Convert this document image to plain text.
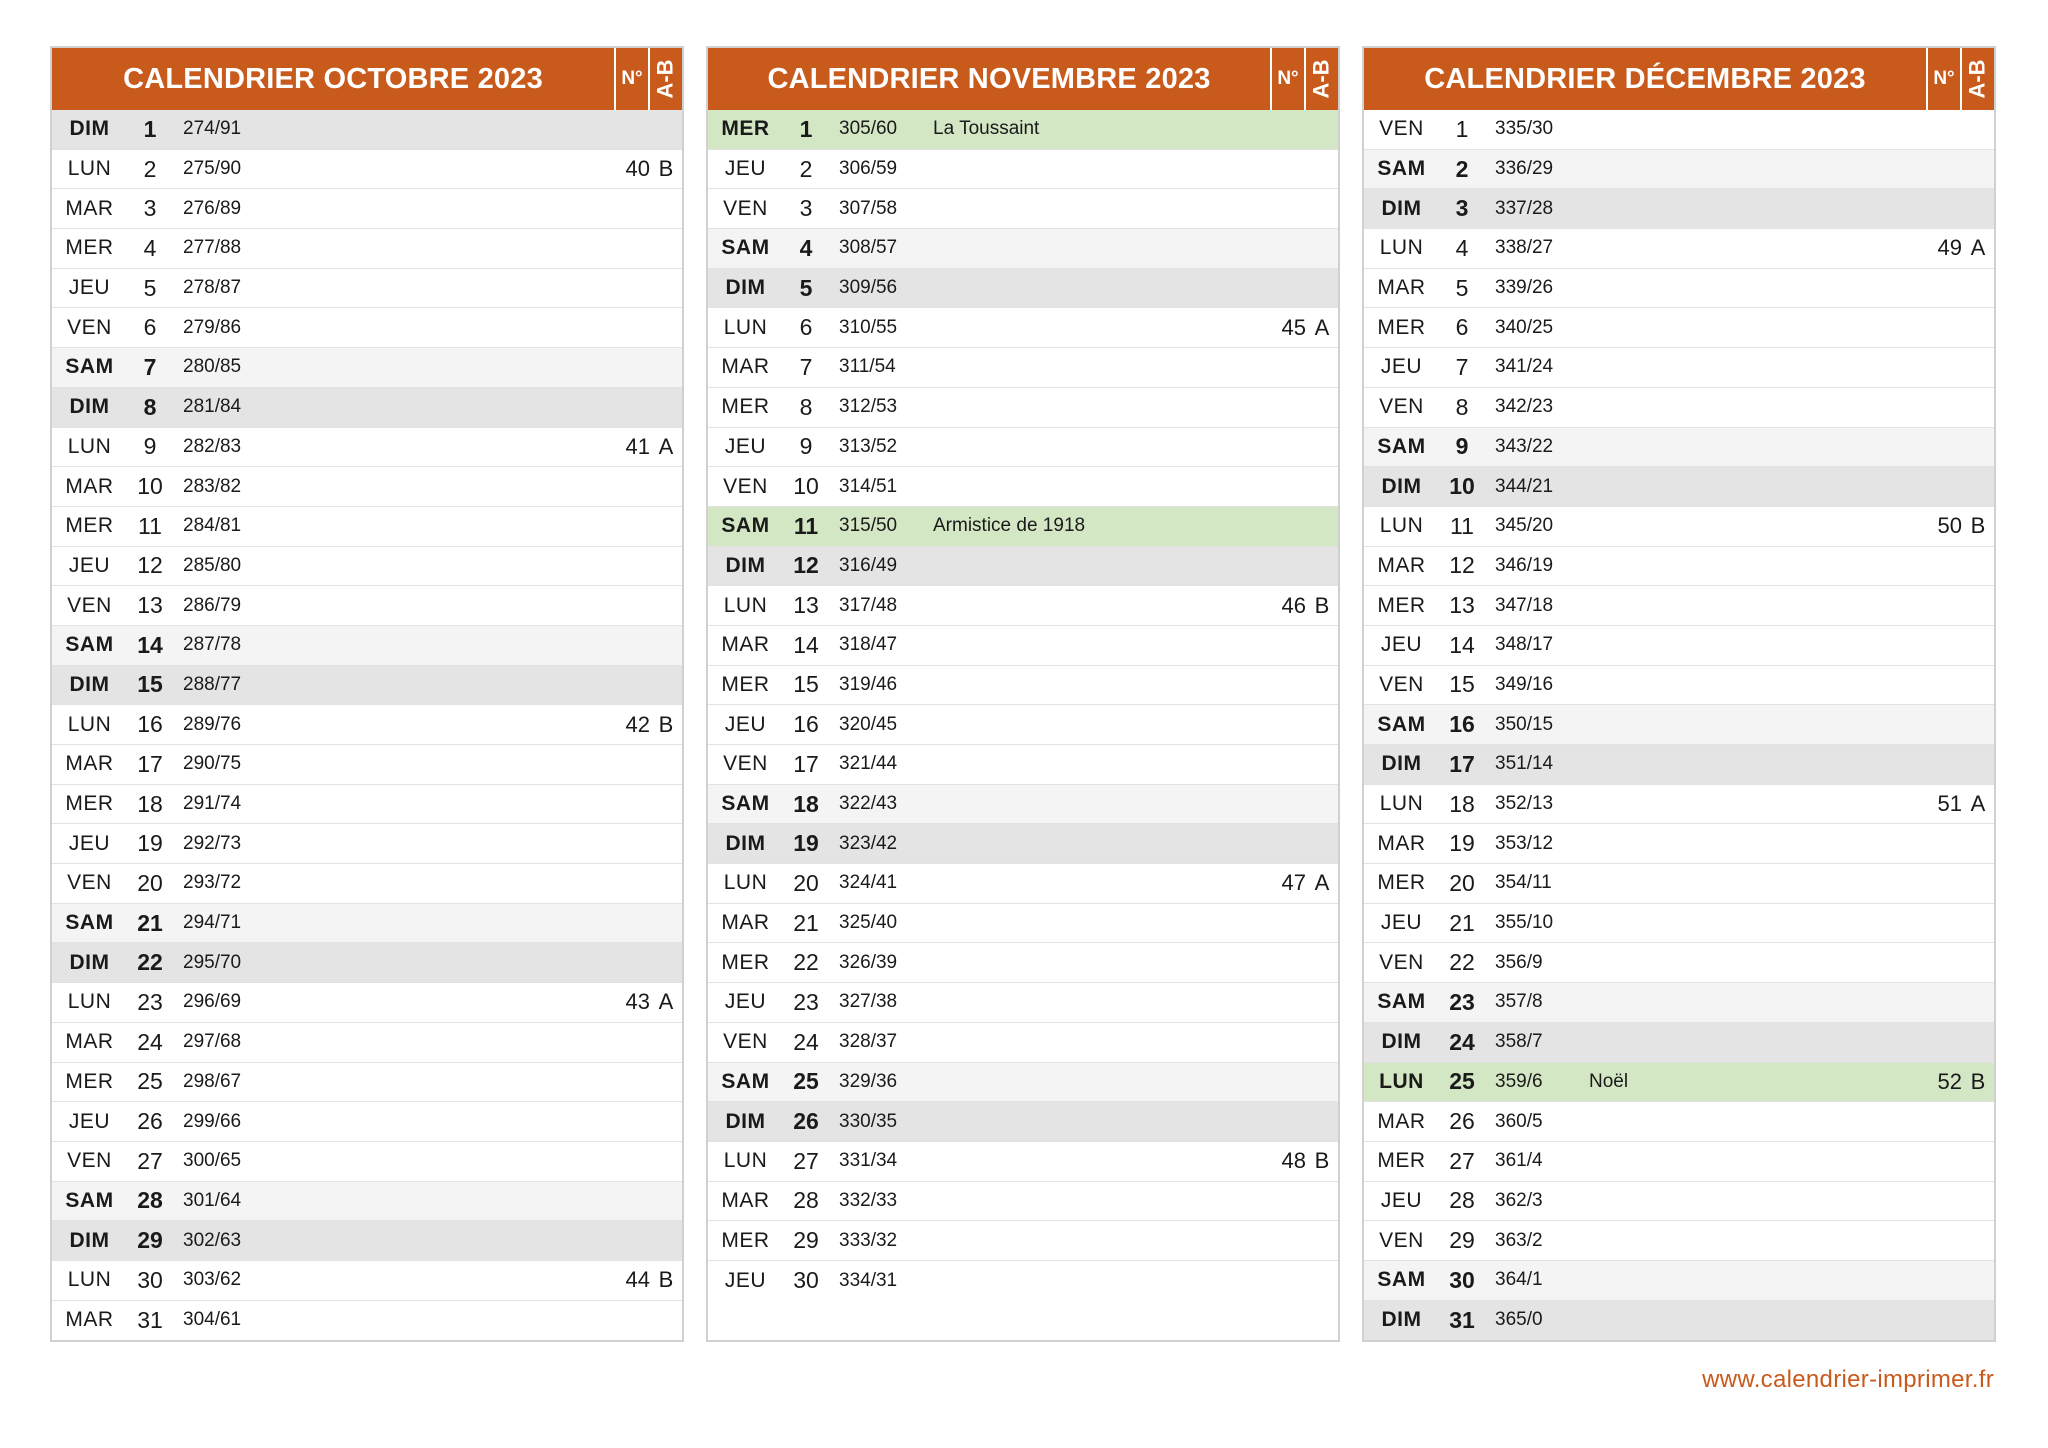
CALENDRIER OCTOBRE 2023	N° A-B
DIM	1	274/91
LUN	2	275/90	40 B
MAR	3	276/89
MER	4	277/88
JEU	5	278/87
VEN	6	279/86
SAM	7	280/85
DIM	8	281/84
LUN	9	282/83	41 A
MAR	10	283/82
MER	11	284/81
JEU	12	285/80
VEN	13	286/79
SAM	14	287/78
DIM	15	288/77
LUN	16	289/76	42 B
MAR	17	290/75
MER	18	291/74
JEU	19	292/73
VEN	20	293/72
SAM	21	294/71
DIM	22	295/70
LUN	23	296/69	43 A
MAR	24	297/68
MER	25	298/67
JEU	26	299/66
VEN	27	300/65
SAM	28	301/64
DIM	29	302/63
LUN	30	303/62	44 B
MAR	31	304/61
CALENDRIER NOVEMBRE 2023	N° A-B
MER	1	305/60	La Toussaint
JEU	2	306/59
VEN	3	307/58
SAM	4	308/57
DIM	5	309/56
LUN	6	310/55	45 A
MAR	7	311/54
MER	8	312/53
JEU	9	313/52
VEN	10	314/51
SAM	11	315/50	Armistice de 1918
DIM	12	316/49
LUN	13	317/48	46 B
MAR	14	318/47
MER	15	319/46
JEU	16	320/45
VEN	17	321/44
SAM	18	322/43
DIM	19	323/42
LUN	20	324/41	47 A
MAR	21	325/40
MER	22	326/39
JEU	23	327/38
VEN	24	328/37
SAM	25	329/36
DIM	26	330/35
LUN	27	331/34	48 B
MAR	28	332/33
MER	29	333/32
JEU	30	334/31
CALENDRIER DÉCEMBRE 2023	N° A-B
VEN	1	335/30
SAM	2	336/29
DIM	3	337/28
LUN	4	338/27	49 A
MAR	5	339/26
MER	6	340/25
JEU	7	341/24
VEN	8	342/23
SAM	9	343/22
DIM	10	344/21
LUN	11	345/20	50 B
MAR	12	346/19
MER	13	347/18
JEU	14	348/17
VEN	15	349/16
SAM	16	350/15
DIM	17	351/14
LUN	18	352/13	51 A
MAR	19	353/12
MER	20	354/11
JEU	21	355/10
VEN	22	356/9
SAM	23	357/8
DIM	24	358/7
LUN	25	359/6	Noël	52 B
MAR	26	360/5
MER	27	361/4
JEU	28	362/3
VEN	29	363/2
SAM	30	364/1
DIM	31	365/0
www.calendrier-imprimer.fr
